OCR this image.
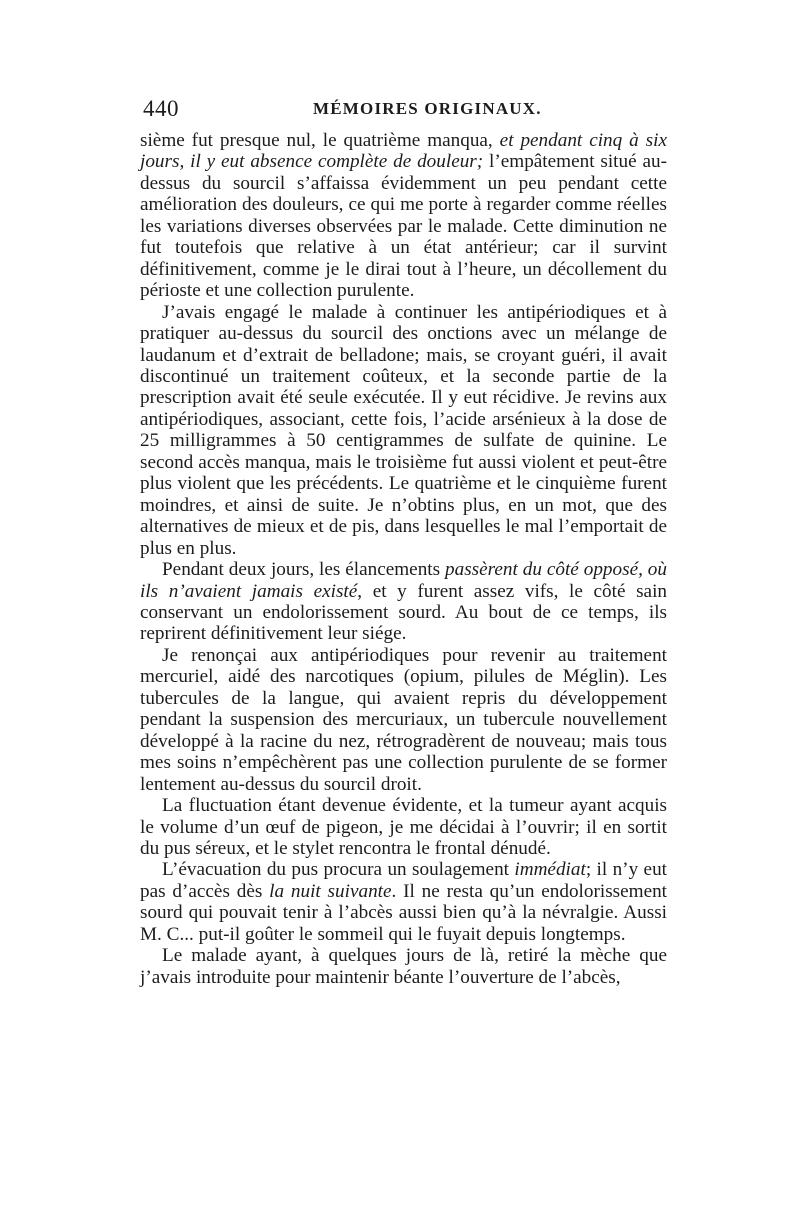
440	MÉMOIRES ORIGINAUX.

sième fut presque nul, le quatrième manqua, et pendant cinq à six jours, il y eut absence complète de douleur; l’empâtement situé au-dessus du sourcil s’affaissa évidemment un peu pendant cette amélioration des douleurs, ce qui me porte à regarder comme réelles les variations diverses observées par le malade. Cette diminution ne fut toutefois que relative à un état antérieur; car il survint définitivement, comme je le dirai tout à l’heure, un décollement du périoste et une collection purulente.

J’avais engagé le malade à continuer les antipériodiques et à pratiquer au-dessus du sourcil des onctions avec un mélange de laudanum et d’extrait de belladone; mais, se croyant guéri, il avait discontinué un traitement coûteux, et la seconde partie de la prescription avait été seule exécutée. Il y eut récidive. Je revins aux antipériodiques, associant, cette fois, l’acide arsénieux à la dose de 25 milligrammes à 50 centigrammes de sulfate de quinine. Le second accès manqua, mais le troisième fut aussi violent et peut-être plus violent que les précédents. Le quatrième et le cinquième furent moindres, et ainsi de suite. Je n’obtins plus, en un mot, que des alternatives de mieux et de pis, dans lesquelles le mal l’emportait de plus en plus.

Pendant deux jours, les élancements passèrent du côté opposé, où ils n’avaient jamais existé, et y furent assez vifs, le côté sain conservant un endolorissement sourd. Au bout de ce temps, ils reprirent définitivement leur siége.

Je renonçai aux antipériodiques pour revenir au traitement mercuriel, aidé des narcotiques (opium, pilules de Méglin). Les tubercules de la langue, qui avaient repris du développement pendant la suspension des mercuriaux, un tubercule nouvellement développé à la racine du nez, rétrogradèrent de nouveau; mais tous mes soins n’empêchèrent pas une collection purulente de se former lentement au-dessus du sourcil droit.

La fluctuation étant devenue évidente, et la tumeur ayant acquis le volume d’un œuf de pigeon, je me décidai à l’ouvrir; il en sortit du pus séreux, et le stylet rencontra le frontal dénudé.

L’évacuation du pus procura un soulagement immédiat; il n’y eut pas d’accès dès la nuit suivante. Il ne resta qu’un endolorissement sourd qui pouvait tenir à l’abcès aussi bien qu’à la névralgie. Aussi M. C... put-il goûter le sommeil qui le fuyait depuis longtemps.

Le malade ayant, à quelques jours de là, retiré la mèche que j’avais introduite pour maintenir béante l’ouverture de l’abcès,
